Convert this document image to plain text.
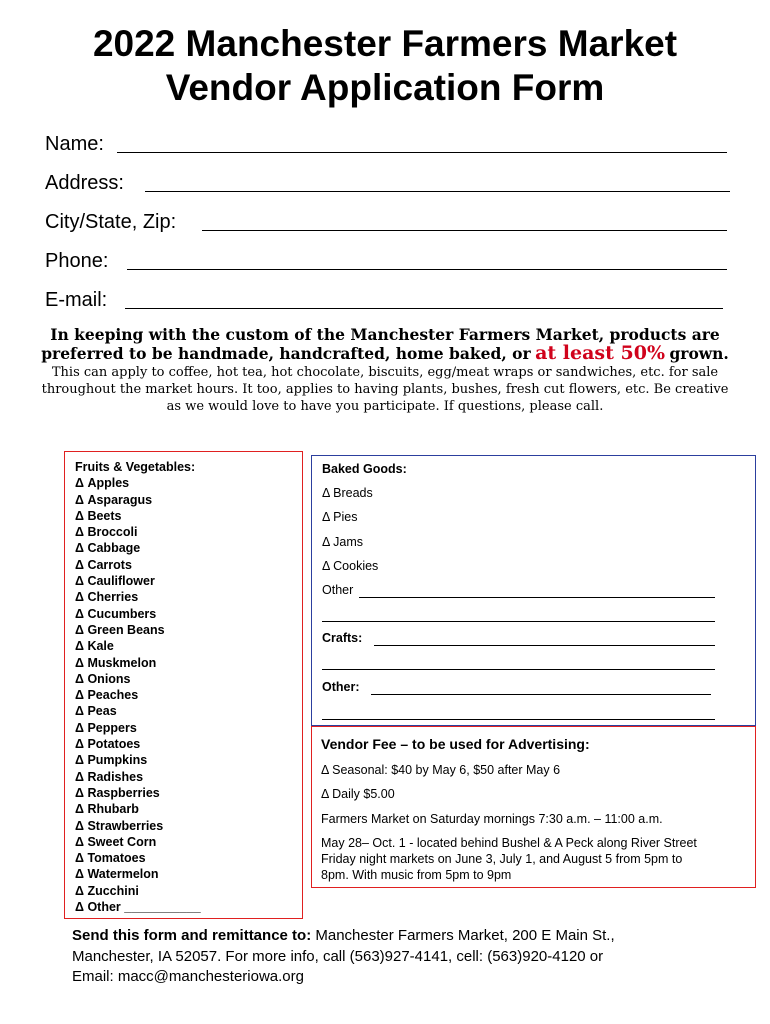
2022 Manchester Farmers Market
Vendor Application Form
Name:
Address:
City/State, Zip:
Phone:
E-mail:
In keeping with the custom of the Manchester Farmers Market, products are preferred to be handmade, handcrafted, home baked, or at least 50% grown. This can apply to coffee, hot tea, hot chocolate, biscuits, egg/meat wraps or sandwiches, etc. for sale throughout the market hours. It too, applies to having plants, bushes, fresh cut flowers, etc. Be creative as we would love to have you participate. If questions, please call.
Fruits & Vegetables:
Δ Apples
Δ Asparagus
Δ Beets
Δ Broccoli
Δ Cabbage
Δ Carrots
Δ Cauliflower
Δ Cherries
Δ Cucumbers
Δ Green Beans
Δ Kale
Δ Muskmelon
Δ Onions
Δ Peaches
Δ Peas
Δ Peppers
Δ Potatoes
Δ Pumpkins
Δ Radishes
Δ Raspberries
Δ Rhubarb
Δ Strawberries
Δ Sweet Corn
Δ Tomatoes
Δ Watermelon
Δ Zucchini
Δ Other ___________
Baked Goods:
Δ Breads
Δ Pies
Δ Jams
Δ Cookies
Other
Crafts:
Other:
Vendor Fee – to be used for Advertising:
Δ Seasonal: $40 by May 6, $50 after May 6
Δ Daily $5.00
Farmers Market on Saturday mornings 7:30 a.m. – 11:00 a.m.
May 28– Oct. 1 - located behind Bushel & A Peck along River Street
Friday night markets on June 3, July 1, and August 5 from 5pm to
8pm. With music from 5pm to 9pm
Send this form and remittance to: Manchester Farmers Market, 200 E Main St.,
Manchester, IA 52057. For more info, call (563)927-4141, cell: (563)920-4120 or
Email: macc@manchesteriowa.org
